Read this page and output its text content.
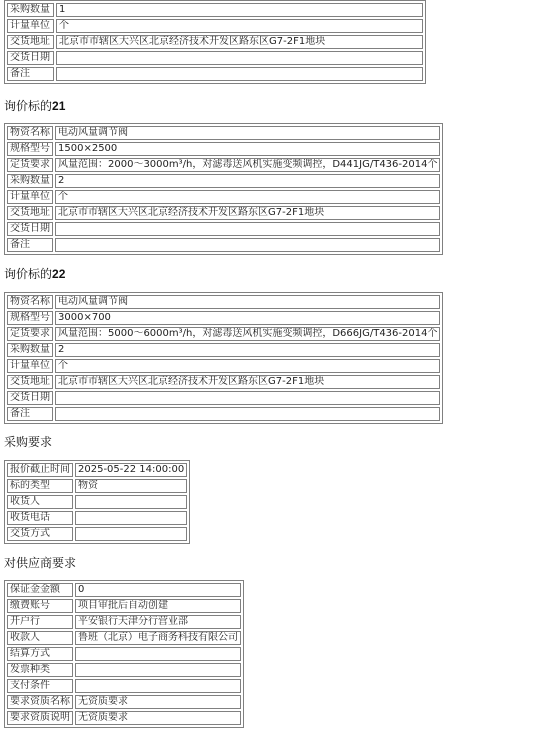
采购数量	1
计量单位	个
交货地址	北京市市辖区大兴区北京经济技术开发区路东区G7-2F1地块
交货日期	
备注	
询价标的21
物资名称	电动风量调节阀
规格型号	1500×2500
定货要求	风量范围：2000～3000m³/h，对滤毒送风机实施变频调控，D441JG/T436-2014个
采购数量	2
计量单位	个
交货地址	北京市市辖区大兴区北京经济技术开发区路东区G7-2F1地块
交货日期	
备注	
询价标的22
物资名称	电动风量调节阀
规格型号	3000×700
定货要求	风量范围：5000～6000m³/h，对滤毒送风机实施变频调控，D666JG/T436-2014个
采购数量	2
计量单位	个
交货地址	北京市市辖区大兴区北京经济技术开发区路东区G7-2F1地块
交货日期	
备注	
采购要求
报价截止时间	2025-05-22 14:00:00
标的类型	物资
收货人	
收货电话	
交货方式	
对供应商要求
保证金金额	0
缴费账号	项目审批后自动创建
开户行	平安银行天津分行营业部
收款人	鲁班（北京）电子商务科技有限公司
结算方式	
发票种类	
支付条件	
要求资质名称	无资质要求
要求资质说明	无资质要求
